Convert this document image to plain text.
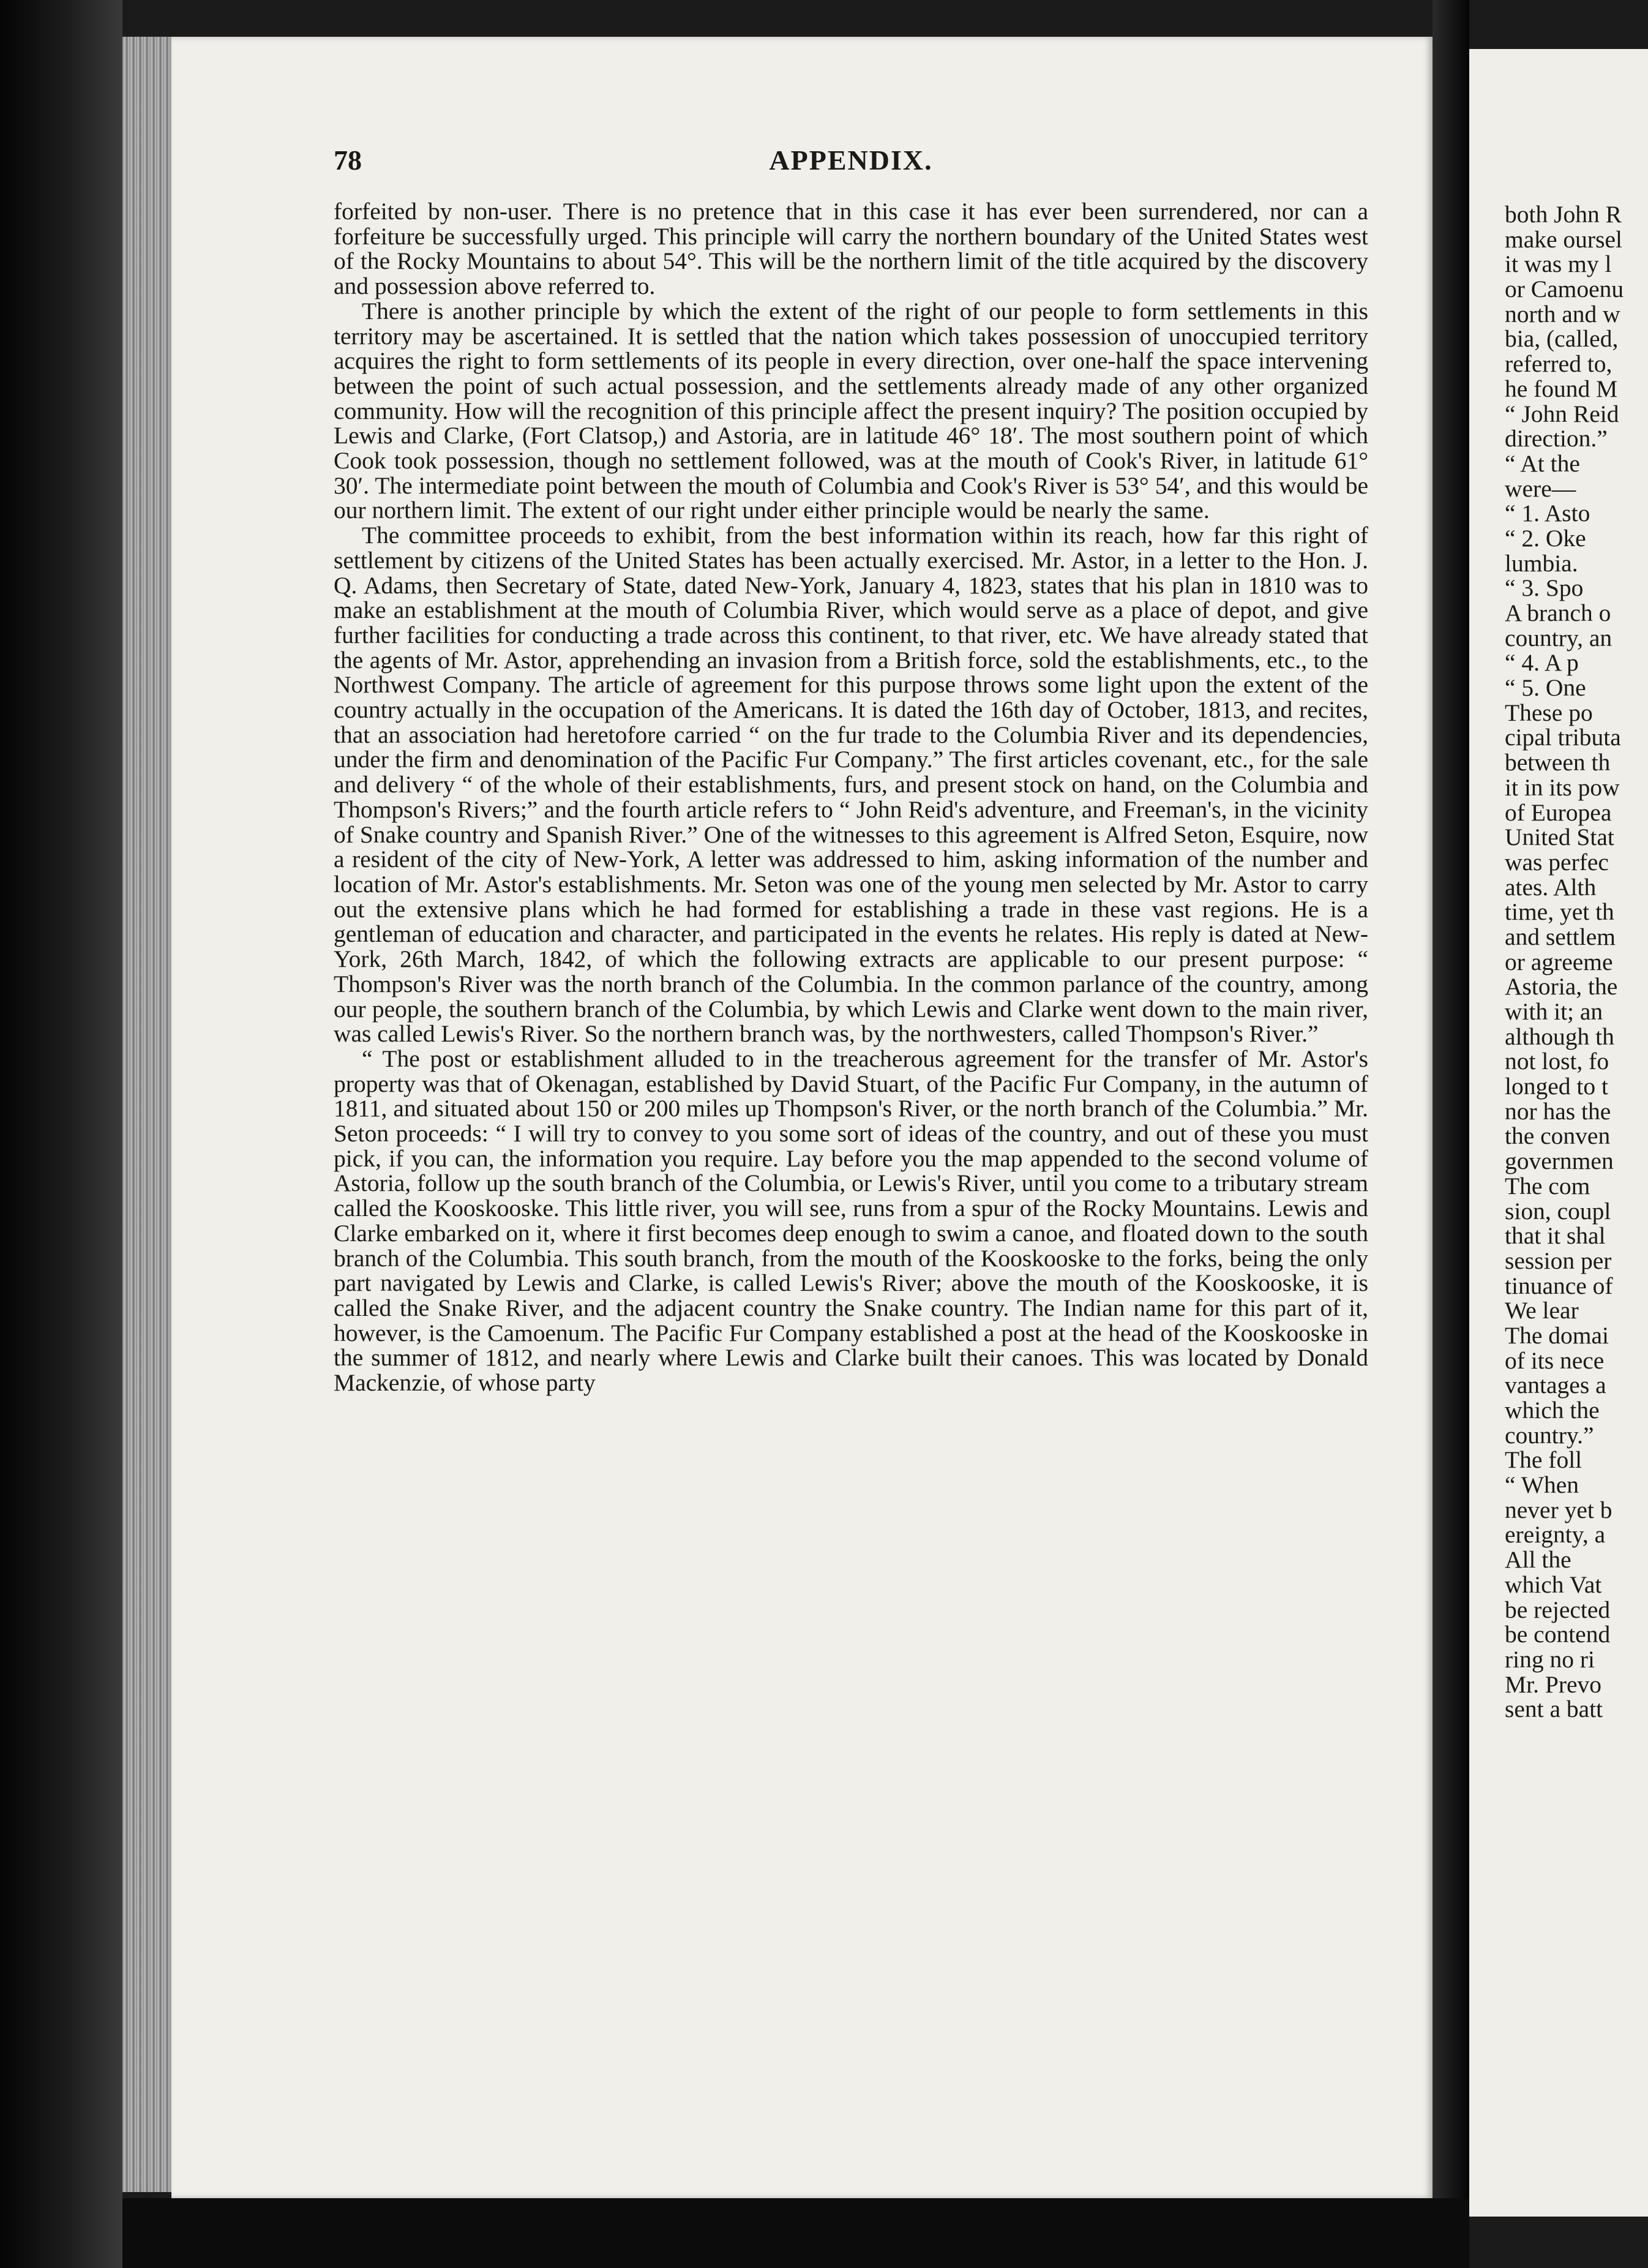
78	APPENDIX.

forfeited by non-user. There is no pretence that in this case it has ever been surrendered, nor can a forfeiture be successfully urged. This principle will carry the northern boundary of the United States west of the Rocky Mountains to about 54°. This will be the northern limit of the title acquired by the discovery and possession above referred to.

There is another principle by which the extent of the right of our people to form settlements in this territory may be ascertained. It is settled that the nation which takes possession of unoccupied territory acquires the right to form settlements of its people in every direction, over one-half the space intervening between the point of such actual possession, and the settlements already made of any other organized community. How will the recognition of this principle affect the present inquiry? The position occupied by Lewis and Clarke, (Fort Clatsop,) and Astoria, are in latitude 46° 18′. The most southern point of which Cook took possession, though no settlement followed, was at the mouth of Cook's River, in latitude 61° 30′. The intermediate point between the mouth of Columbia and Cook's River is 53° 54′, and this would be our northern limit. The extent of our right under either principle would be nearly the same.

The committee proceeds to exhibit, from the best information within its reach, how far this right of settlement by citizens of the United States has been actually exercised. Mr. Astor, in a letter to the Hon. J. Q. Adams, then Secretary of State, dated New-York, January 4, 1823, states that his plan in 1810 was to make an establishment at the mouth of Columbia River, which would serve as a place of depot, and give further facilities for conducting a trade across this continent, to that river, etc. We have already stated that the agents of Mr. Astor, apprehending an invasion from a British force, sold the establishments, etc., to the Northwest Company. The article of agreement for this purpose throws some light upon the extent of the country actually in the occupation of the Americans. It is dated the 16th day of October, 1813, and recites, that an association had heretofore carried “ on the fur trade to the Columbia River and its dependencies, under the firm and denomination of the Pacific Fur Company.” The first articles covenant, etc., for the sale and delivery “ of the whole of their establishments, furs, and present stock on hand, on the Columbia and Thompson's Rivers;” and the fourth article refers to “ John Reid's adventure, and Freeman's, in the vicinity of Snake country and Spanish River.” One of the witnesses to this agreement is Alfred Seton, Esquire, now a resident of the city of New-York, A letter was addressed to him, asking information of the number and location of Mr. Astor's establishments. Mr. Seton was one of the young men selected by Mr. Astor to carry out the extensive plans which he had formed for establishing a trade in these vast regions. He is a gentleman of education and character, and participated in the events he relates. His reply is dated at New-York, 26th March, 1842, of which the following extracts are applicable to our present purpose: “ Thompson's River was the north branch of the Columbia. In the common parlance of the country, among our people, the southern branch of the Columbia, by which Lewis and Clarke went down to the main river, was called Lewis's River. So the northern branch was, by the northwesters, called Thompson's River.”

“ The post or establishment alluded to in the treacherous agreement for the transfer of Mr. Astor's property was that of Okenagan, established by David Stuart, of the Pacific Fur Company, in the autumn of 1811, and situated about 150 or 200 miles up Thompson's River, or the north branch of the Columbia.” Mr. Seton proceeds: “ I will try to convey to you some sort of ideas of the country, and out of these you must pick, if you can, the information you require. Lay before you the map appended to the second volume of Astoria, follow up the south branch of the Columbia, or Lewis's River, until you come to a tributary stream called the Kooskooske. This little river, you will see, runs from a spur of the Rocky Mountains. Lewis and Clarke embarked on it, where it first becomes deep enough to swim a canoe, and floated down to the south branch of the Columbia. This south branch, from the mouth of the Kooskooske to the forks, being the only part navigated by Lewis and Clarke, is called Lewis's River; above the mouth of the Kooskooske, it is called the Snake River, and the adjacent country the Snake country. The Indian name for this part of it, however, is the Camoenum. The Pacific Fur Company established a post at the head of the Kooskooske in the summer of 1812, and nearly where Lewis and Clarke built their canoes. This was located by Donald Mackenzie, of whose party

both John R
make oursel
it was my l
or Camoenu
north and w
bia, (called,
referred to,
he found M
“ John Reid
direction.”
“ At the
were—
“ 1. Asto
“ 2. Oke
lumbia.
“ 3. Spo
A branch o
country, an
“ 4. A p
“ 5. One
These po
cipal tributa
between th
it in its pow
of Europea
United Stat
was perfec
ates. Alth
time, yet th
and settlem
or agreeme
Astoria, the
with it; an
although th
not lost, fo
longed to t
nor has the
the conven
governmen
The com
sion, coupl
that it shal
session per
tinuance of
We lear
The domai
of its nece
vantages a
which the
country.”
The foll
“ When
never yet b
ereignty, a
All the
which Vat
be rejected
be contend
ring no ri
Mr. Prevo
sent a batt
